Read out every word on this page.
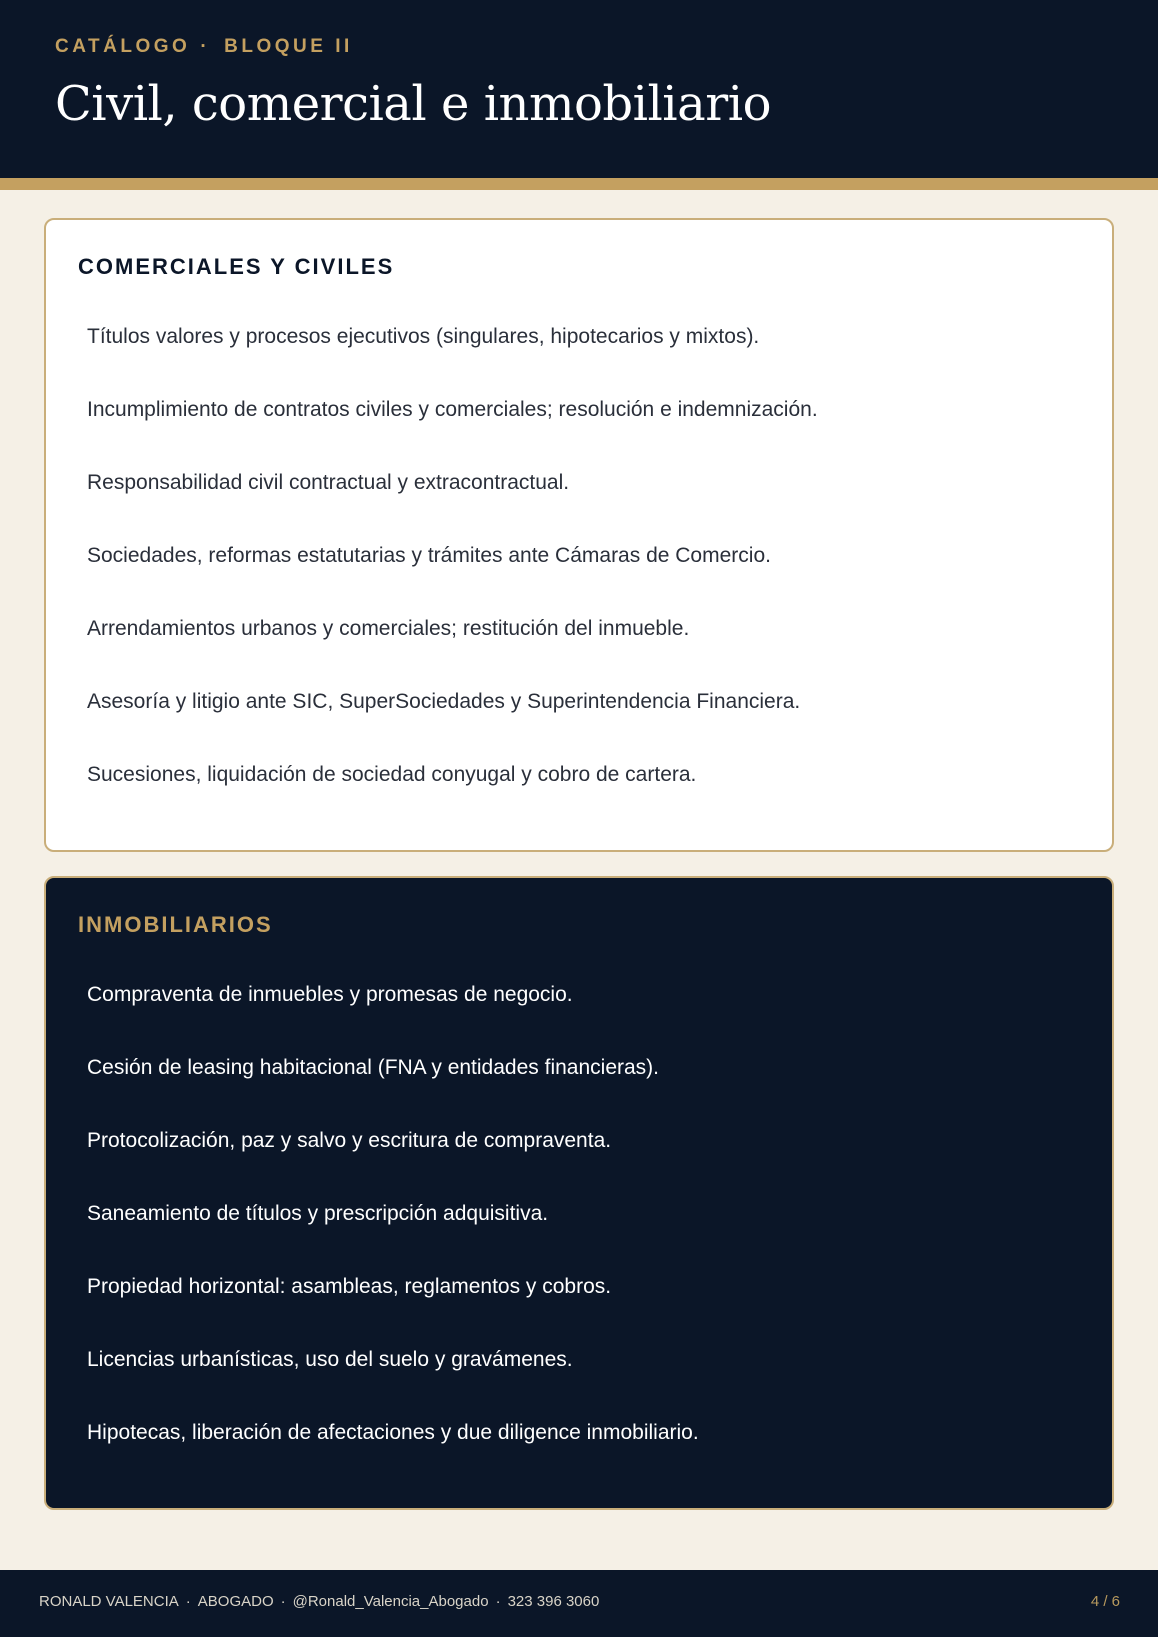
CATÁLOGO · BLOQUE II
Civil, comercial e inmobiliario
COMERCIALES Y CIVILES
Títulos valores y procesos ejecutivos (singulares, hipotecarios y mixtos).
Incumplimiento de contratos civiles y comerciales; resolución e indemnización.
Responsabilidad civil contractual y extracontractual.
Sociedades, reformas estatutarias y trámites ante Cámaras de Comercio.
Arrendamientos urbanos y comerciales; restitución del inmueble.
Asesoría y litigio ante SIC, SuperSociedades y Superintendencia Financiera.
Sucesiones, liquidación de sociedad conyugal y cobro de cartera.
INMOBILIARIOS
Compraventa de inmuebles y promesas de negocio.
Cesión de leasing habitacional (FNA y entidades financieras).
Protocolización, paz y salvo y escritura de compraventa.
Saneamiento de títulos y prescripción adquisitiva.
Propiedad horizontal: asambleas, reglamentos y cobros.
Licencias urbanísticas, uso del suelo y gravámenes.
Hipotecas, liberación de afectaciones y due diligence inmobiliario.
RONALD VALENCIA · ABOGADO · @Ronald_Valencia_Abogado · 323 396 3060	4 / 6
